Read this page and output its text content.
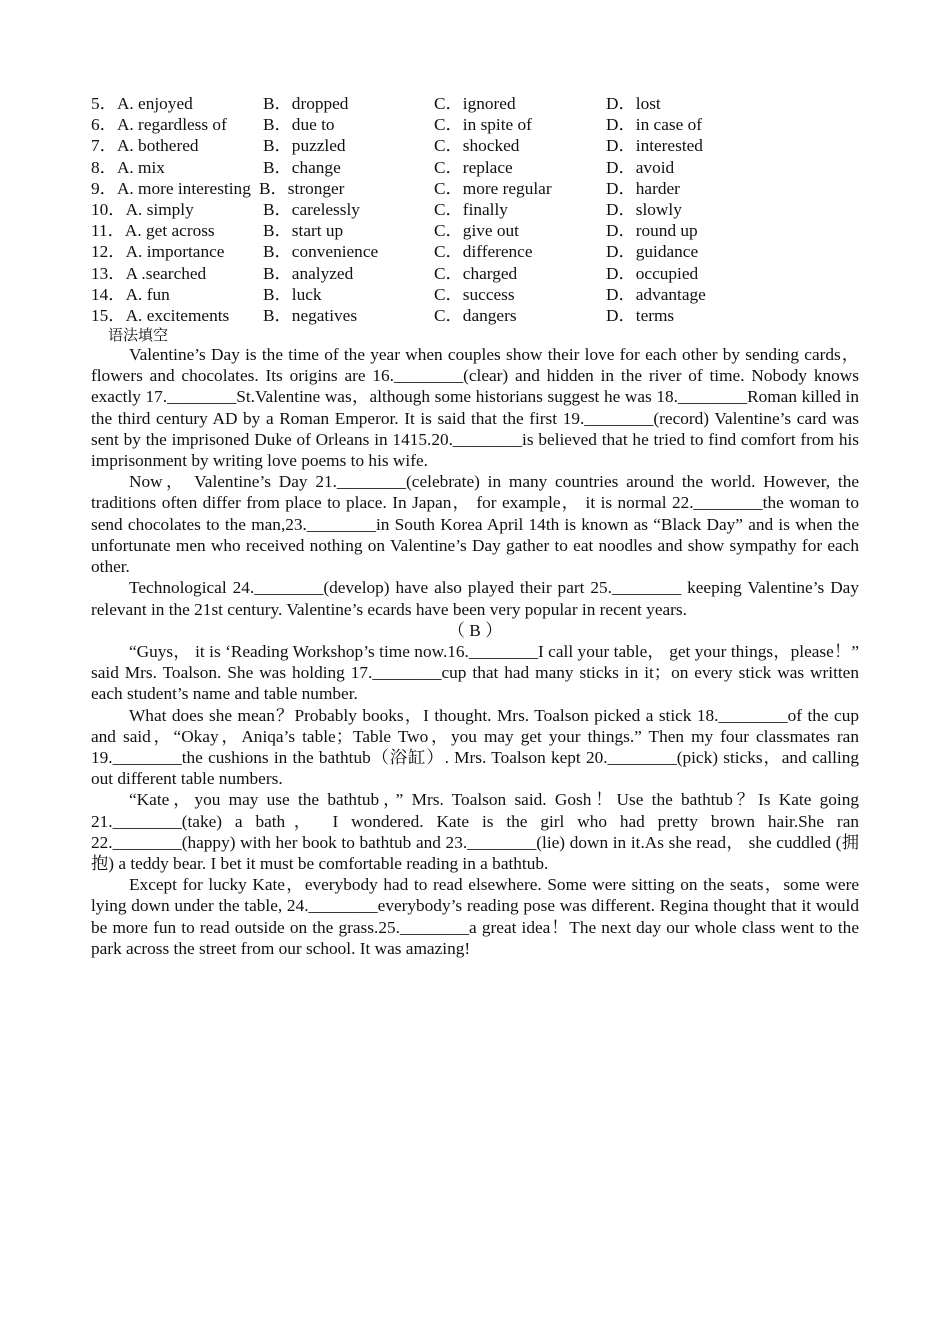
5．A. enjoyed	B．dropped	C．ignored	D．lost
6．A. regardless of B．due to	C．in spite of	D．in case of
7．A. bothered	B．puzzled	C．shocked	D．interested
8．A. mix	B．change	C．replace	D．avoid
9．A. more interesting B．stronger	C．more regular	D．harder
10．A. simply	B．carelessly	C．finally	D．slowly
11．A. get across	B．start up	C．give out	D．round up
12．A. importance B．convenience	C．difference	D．guidance
13．A .searched	B．analyzed	C．charged	D．occupied
14．A. fun	B．luck	C．success	D．advantage
15．A. excitements B．negatives	C．dangers	D．terms
语法填空

Valentine’s Day is the time of the year when couples show their love for each other by sending cards，flowers and chocolates. Its origins are 16.________(clear) and hidden in the river of time. Nobody knows exactly 17.________St.Valentine was，although some historians suggest he was 18.________Roman killed in the third century AD by a Roman Emperor. It is said that the first 19.________(record) Valentine’s card was sent by the imprisoned Duke of Orleans in 1415.20.________is believed that he tried to find comfort from his imprisonment by writing love poems to his wife.

Now， Valentine’s Day 21.________(celebrate) in many countries around the world. However, the traditions often differ from place to place. In Japan， for example， it is normal 22.________the woman to send chocolates to the man,23.________in South Korea April 14th is known as “Black Day” and is when the unfortunate men who received nothing on Valentine’s Day gather to eat noodles and show sympathy for each other.

Technological 24.________(develop) have also played their part 25.________ keeping Valentine’s Day relevant in the 21st century. Valentine’s ecards have been very popular in recent years.

（ B ）

“Guys， it is ‘Reading Workshop’s time now.16.________I call your table， get your things，please！” said Mrs. Toalson. She was holding 17.________cup that had many sticks in it；on every stick was written each student’s name and table number.

What does she mean？Probably books，I thought. Mrs. Toalson picked a stick 18.________of the cup and said，“Okay，Aniqa’s table；Table Two，you may get your things.” Then my four classmates ran 19.________the cushions in the bathtub（浴缸）. Mrs. Toalson kept 20.________(pick) sticks，and calling out different table numbers.

“Kate，you may use the bathtub，” Mrs. Toalson said. Gosh！Use the bathtub？Is Kate going 21.________(take) a bath， I wondered. Kate is the girl who had pretty brown hair.She ran 22.________(happy) with her book to bathtub and 23.________(lie) down in it.As she read， she cuddled (拥抱) a teddy bear. I bet it must be comfortable reading in a bathtub.

Except for lucky Kate，everybody had to read elsewhere. Some were sitting on the seats，some were lying down under the table, 24.________everybody’s reading pose was different. Regina thought that it would be more fun to read outside on the grass.25.________a great idea！The next day our whole class went to the park across the street from our school. It was amazing!
